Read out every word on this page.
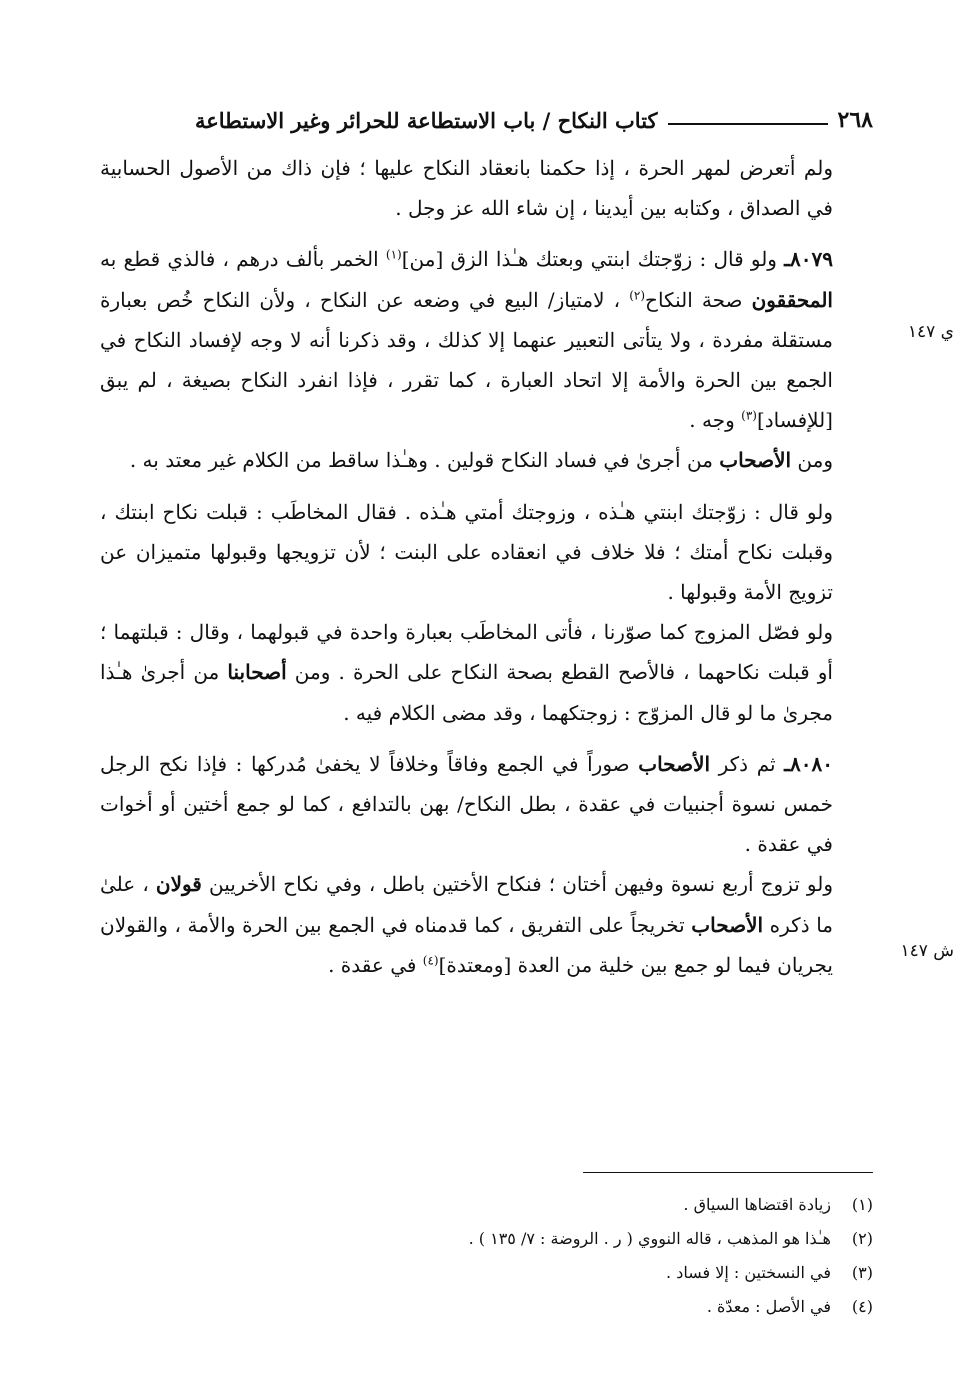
٢٦٨
كتاب النكاح / باب الاستطاعة للحرائر وغير الاستطاعة

ولم أتعرض لمهر الحرة ، إذا حكمنا بانعقاد النكاح عليها ؛ فإن ذاك من الأصول الحسابية في الصداق ، وكتابه بين أيدينا ، إن شاء الله عز وجل .

٨٠٧٩ـ ولو قال : زوّجتك ابنتي وبعتك هـٰذا الزق [من]$^{(١)}$ الخمر بألف درهم ، فالذي قطع به المحققون صحة النكاح$^{(٢)}$ ، لامتياز/ البيع في وضعه عن النكاح ، ولأن النكاح خُص بعبارة مستقلة مفردة ، ولا يتأتى التعبير عنهما إلا كذلك ، وقد ذكرنا أنه لا وجه لإفساد النكاح في الجمع بين الحرة والأمة إلا اتحاد العبارة ، كما تقرر ، فإذا انفرد النكاح بصيغة ، لم يبق [للإفساد]$^{(٣)}$ وجه .

ومن الأصحاب من أجرىٰ في فساد النكاح قولين . وهـٰذا ساقط من الكلام غير معتد به .

ولو قال : زوّجتك ابنتي هـٰذه ، وزوجتك أمتي هـٰذه . فقال المخاطَب : قبلت نكاح ابنتك ، وقبلت نكاح أمتك ؛ فلا خلاف في انعقاده على البنت ؛ لأن تزويجها وقبولها متميزان عن تزويج الأمة وقبولها .

ولو فصّل المزوج كما صوّرنا ، فأتى المخاطَب بعبارة واحدة في قبولهما ، وقال : قبلتهما ؛ أو قبلت نكاحهما ، فالأصح القطع بصحة النكاح على الحرة . ومن أصحابنا من أجرىٰ هـٰذا مجرىٰ ما لو قال المزوّج : زوجتكهما ، وقد مضى الكلام فيه .

٨٠٨٠ـ ثم ذكر الأصحاب صوراً في الجمع وفاقاً وخلافاً لا يخفىٰ مُدركها : فإذا نكح الرجل خمس نسوة أجنبيات في عقدة ، بطل النكاح/ بهن بالتدافع ، كما لو جمع أختين أو أخوات في عقدة .

ولو تزوج أربع نسوة وفيهن أختان ؛ فنكاح الأختين باطل ، وفي نكاح الأخريين قولان ، علىٰ ما ذكره الأصحاب تخريجاً على التفريق ، كما قدمناه في الجمع بين الحرة والأمة ، والقولان يجريان فيما لو جمع بين خلية من العدة [ومعتدة]$^{(٤)}$ في عقدة .

ي ١٤٧
ش ١٤٧
(١)
زيادة اقتضاها السياق .
(٢)
هـٰذا هو المذهب ، قاله النووي ( ر . الروضة : ٧/ ١٣٥ ) .
(٣)
في النسختين : إلا فساد .
(٤)
في الأصل : معدّة .
